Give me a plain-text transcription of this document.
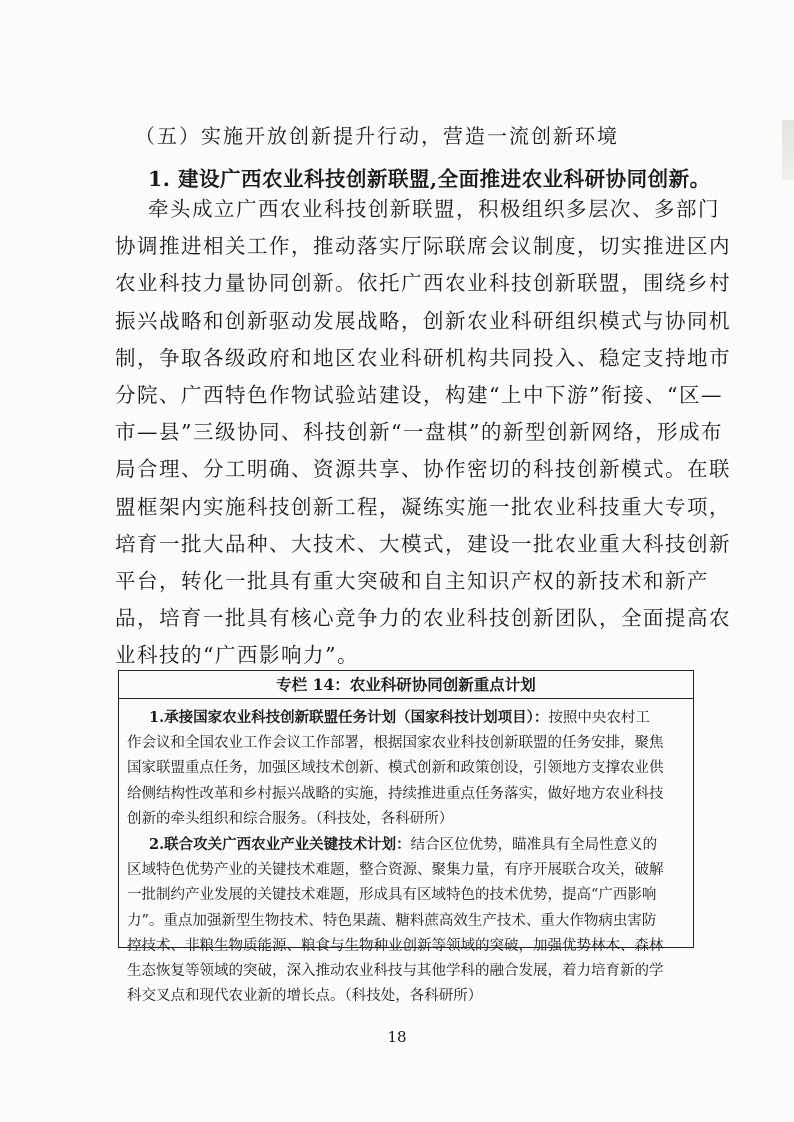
（五）实施开放创新提升行动，营造一流创新环境
1. 建设广西农业科技创新联盟,全面推进农业科研协同创新。
牵头成立广西农业科技创新联盟，积极组织多层次、多部门
协调推进相关工作，推动落实厅际联席会议制度，切实推进区内
农业科技力量协同创新。依托广西农业科技创新联盟，围绕乡村
振兴战略和创新驱动发展战略，创新农业科研组织模式与协同机
制，争取各级政府和地区农业科研机构共同投入、稳定支持地市
分院、广西特色作物试验站建设，构建“上中下游”衔接、“区—
市—县”三级协同、科技创新“一盘棋”的新型创新网络，形成布
局合理、分工明确、资源共享、协作密切的科技创新模式。在联
盟框架内实施科技创新工程，凝练实施一批农业科技重大专项，
培育一批大品种、大技术、大模式，建设一批农业重大科技创新
平台，转化一批具有重大突破和自主知识产权的新技术和新产
品，培育一批具有核心竞争力的农业科技创新团队，全面提高农
业科技的“广西影响力”。
专栏 14：农业科研协同创新重点计划
1.承接国家农业科技创新联盟任务计划（国家科技计划项目）：按照中央农村工
作会议和全国农业工作会议工作部署，根据国家农业科技创新联盟的任务安排，聚焦
国家联盟重点任务，加强区域技术创新、模式创新和政策创设，引领地方支撑农业供
给侧结构性改革和乡村振兴战略的实施，持续推进重点任务落实，做好地方农业科技
创新的牵头组织和综合服务。（科技处，各科研所）
2.联合攻关广西农业产业关键技术计划：结合区位优势，瞄准具有全局性意义的
区域特色优势产业的关键技术难题，整合资源、聚集力量，有序开展联合攻关，破解
一批制约产业发展的关键技术难题，形成具有区域特色的技术优势，提高“广西影响
力”。重点加强新型生物技术、特色果蔬、糖料蔗高效生产技术、重大作物病虫害防
控技术、非粮生物质能源、粮食与生物种业创新等领域的突破，加强优势林木、森林
生态恢复等领域的突破，深入推动农业科技与其他学科的融合发展，着力培育新的学
科交叉点和现代农业新的增长点。（科技处，各科研所）
18
